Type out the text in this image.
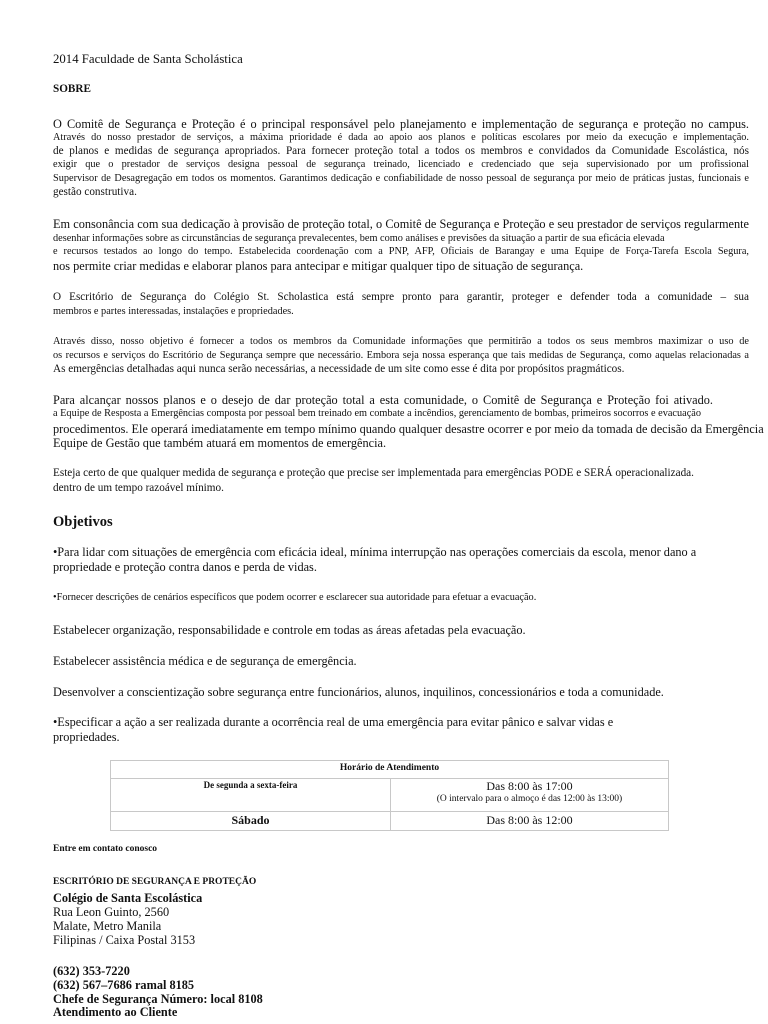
2014 Faculdade de Santa Scholástica
SOBRE
O Comitê de Segurança e Proteção é o principal responsável pelo planejamento e implementação de segurança e proteção no campus.
Através do nosso prestador de serviços, a máxima prioridade é dada ao apoio aos planos e políticas escolares por meio da execução e implementação.
de planos e medidas de segurança apropriados. Para fornecer proteção total a todos os membros e convidados da Comunidade Escolástica, nós
exigir que o prestador de serviços designa pessoal de segurança treinado, licenciado e credenciado que seja supervisionado por um profissional
Supervisor de Desagregação em todos os momentos. Garantimos dedicação e confiabilidade de nosso pessoal de segurança por meio de práticas justas, funcionais e
gestão construtiva.
Em consonância com sua dedicação à provisão de proteção total, o Comitê de Segurança e Proteção e seu prestador de serviços regularmente
desenhar informações sobre as circunstâncias de segurança prevalecentes, bem como análises e previsões da situação a partir de sua eficácia elevada
e recursos testados ao longo do tempo. Estabelecida coordenação com a PNP, AFP, Oficiais de Barangay e uma Equipe de Força-Tarefa Escola Segura,
nos permite criar medidas e elaborar planos para antecipar e mitigar qualquer tipo de situação de segurança.
O Escritório de Segurança do Colégio St. Scholastica está sempre pronto para garantir, proteger e defender toda a comunidade – sua
membros e partes interessadas, instalações e propriedades.
Através disso, nosso objetivo é fornecer a todos os membros da Comunidade informações que permitirão a todos os seus membros maximizar o uso de
os recursos e serviços do Escritório de Segurança sempre que necessário. Embora seja nossa esperança que tais medidas de Segurança, como aquelas relacionadas a
As emergências detalhadas aqui nunca serão necessárias, a necessidade de um site como esse é dita por propósitos pragmáticos.
Para alcançar nossos planos e o desejo de dar proteção total a esta comunidade, o Comitê de Segurança e Proteção foi ativado.
a Equipe de Resposta a Emergências composta por pessoal bem treinado em combate a incêndios, gerenciamento de bombas, primeiros socorros e evacuação
procedimentos. Ele operará imediatamente em tempo mínimo quando qualquer desastre ocorrer e por meio da tomada de decisão da Emergência
Equipe de Gestão que também atuará em momentos de emergência.
Esteja certo de que qualquer medida de segurança e proteção que precise ser implementada para emergências PODE e SERÁ operacionalizada.
dentro de um tempo razoável mínimo.
Objetivos
•Para lidar com situações de emergência com eficácia ideal, mínima interrupção nas operações comerciais da escola, menor dano a
propriedade e proteção contra danos e perda de vidas.
•Fornecer descrições de cenários específicos que podem ocorrer e esclarecer sua autoridade para efetuar a evacuação.
Estabelecer organização, responsabilidade e controle em todas as áreas afetadas pela evacuação.
Estabelecer assistência médica e de segurança de emergência.
Desenvolver a conscientização sobre segurança entre funcionários, alunos, inquilinos, concessionários e toda a comunidade.
•Especificar a ação a ser realizada durante a ocorrência real de uma emergência para evitar pânico e salvar vidas e
propriedades.
Horário de Atendimento	
De segunda a sexta-feira	Das 8:00 às 17:00
(O intervalo para o almoço é das 12:00 às 13:00)

Sábado	Das 8:00 às 12:00
Entre em contato conosco
ESCRITÓRIO DE SEGURANÇA E PROTEÇÃO
Colégio de Santa Escolástica
Rua Leon Guinto, 2560
Malate, Metro Manila
Filipinas / Caixa Postal 3153
(632) 353-7220
(632) 567–7686 ramal 8185
Chefe de Segurança Número: local 8108
Atendimento ao Cliente
